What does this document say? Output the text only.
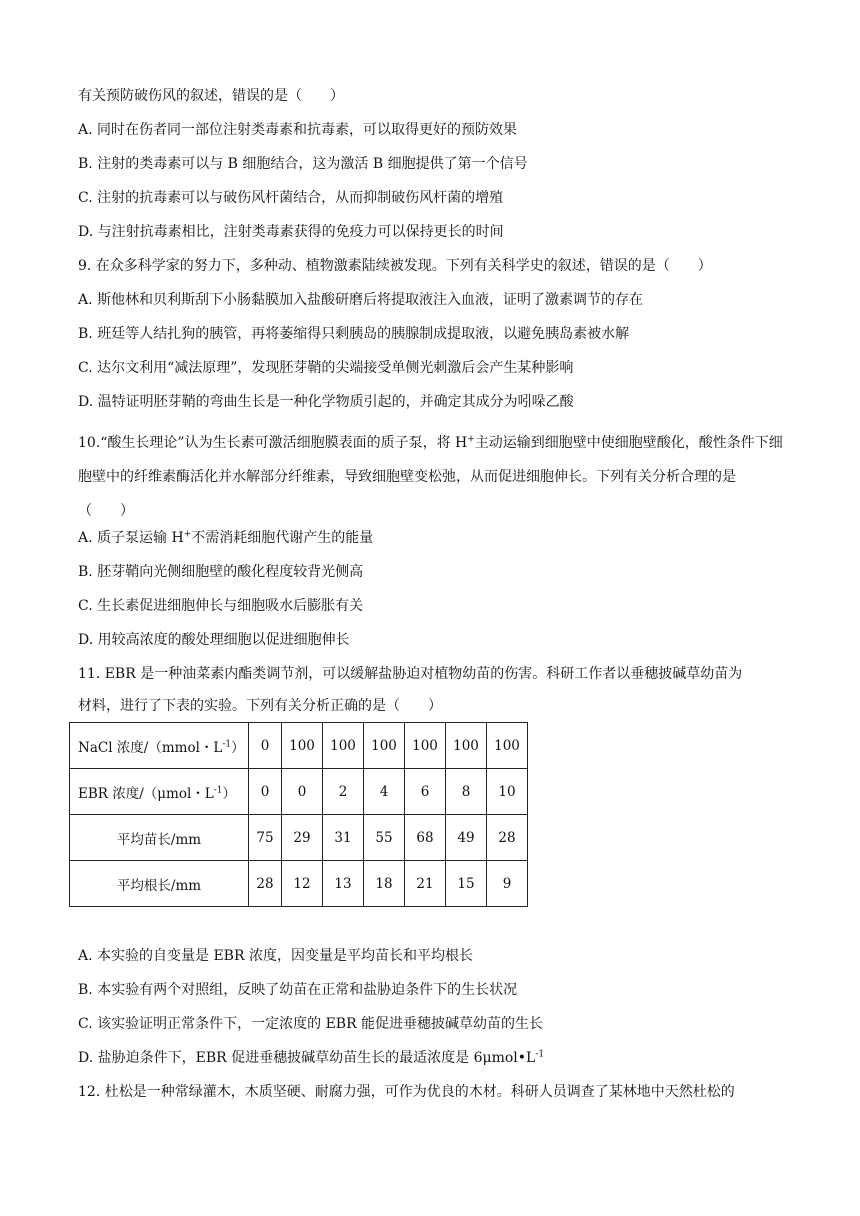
有关预防破伤风的叙述，错误的是（　　）
A. 同时在伤者同一部位注射类毒素和抗毒素，可以取得更好的预防效果
B. 注射的类毒素可以与 B 细胞结合，这为激活 B 细胞提供了第一个信号
C. 注射的抗毒素可以与破伤风杆菌结合，从而抑制破伤风杆菌的增殖
D. 与注射抗毒素相比，注射类毒素获得的免疫力可以保持更长的时间
9. 在众多科学家的努力下，多种动、植物激素陆续被发现。下列有关科学史的叙述，错误的是（　　）
A. 斯他林和贝利斯刮下小肠黏膜加入盐酸研磨后将提取液注入血液，证明了激素调节的存在
B. 班廷等人结扎狗的胰管，再将萎缩得只剩胰岛的胰腺制成提取液，以避免胰岛素被水解
C. 达尔文利用“减法原理”，发现胚芽鞘的尖端接受单侧光刺激后会产生某种影响
D. 温特证明胚芽鞘的弯曲生长是一种化学物质引起的，并确定其成分为吲哚乙酸
10.“酸生长理论”认为生长素可激活细胞膜表面的质子泵，将 H+主动运输到细胞壁中使细胞壁酸化，酸性条件下细胞壁中的纤维素酶活化并水解部分纤维素，导致细胞壁变松弛，从而促进细胞伸长。下列有关分析合理的是（　　）
A. 质子泵运输 H+不需消耗细胞代谢产生的能量
B. 胚芽鞘向光侧细胞壁的酸化程度较背光侧高
C. 生长素促进细胞伸长与细胞吸水后膨胀有关
D. 用较高浓度的酸处理细胞以促进细胞伸长
11. EBR 是一种油菜素内酯类调节剂，可以缓解盐胁迫对植物幼苗的伤害。科研工作者以垂穗披碱草幼苗为
材料，进行了下表的实验。下列有关分析正确的是（　　）
NaCl 浓度/（mmol・$L^{-1}$）	0	100	100	100	100	100	100
EBR 浓度/（μmol・$L^{-1}$）	0	0	2	4	6	8	10
平均苗长/mm	75	29	31	55	68	49	28
平均根长/mm	28	12	13	18	21	15	9
A. 本实验的自变量是 EBR 浓度，因变量是平均苗长和平均根长
B. 本实验有两个对照组，反映了幼苗在正常和盐胁迫条件下的生长状况
C. 该实验证明正常条件下，一定浓度的 EBR 能促进垂穗披碱草幼苗的生长
D. 盐胁迫条件下，EBR 促进垂穗披碱草幼苗生长的最适浓度是 $6\mu mol•L^{-1}$
12. 杜松是一种常绿灌木，木质坚硬、耐腐力强，可作为优良的木材。科研人员调查了某林地中天然杜松的
